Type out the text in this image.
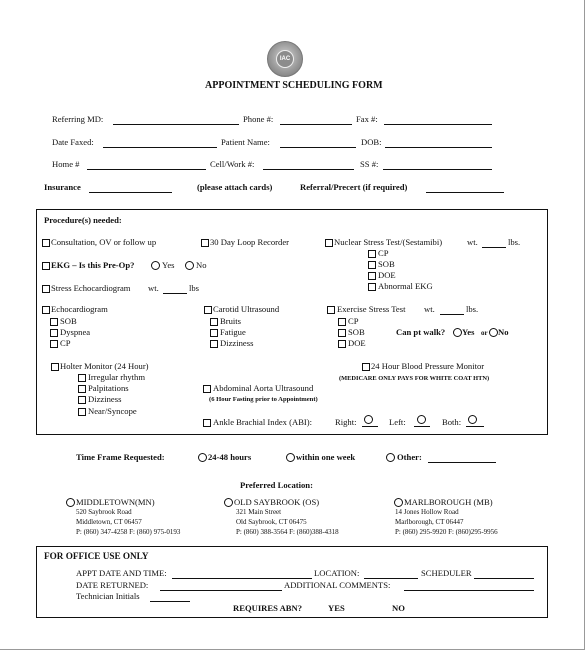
IAC
APPOINTMENT SCHEDULING FORM
Referring MD:	Phone #:	Fax #:
Date Faxed:	Patient Name:	DOB:
Home #	Cell/Work #:	SS #:
Insurance	(please attach cards)	Referral/Precert (if required)
Procedure(s) needed:
Consultation, OV or follow up	30 Day Loop Recorder	Nuclear Stress Test/(Sestamibi)	wt.	lbs.
CP
SOB
DOE
Abnormal EKG
EKG – Is this Pre-Op?	Yes No
Stress Echocardiogram wt.	lbs
Echocardiogram
SOB
Dyspnea
CP
Carotid Ultrasound
Bruits
Fatigue
Dizziness
Exercise Stress Test wt.	lbs.
CP
SOB
DOE
Can pt walk? Yes or No
Holter Monitor (24 Hour)
Irregular rhythm
Palpitations
Dizziness
Near/Syncope
24 Hour Blood Pressure Monitor
(MEDICARE ONLY PAYS FOR WHITE COAT HTN)
Abdominal Aorta Ultrasound
(6 Hour Fasting prior to Appointment)
Ankle Brachial Index (ABI):	Right:	Left:	Both:
Time Frame Requested:	24-48 hours	within one week	Other:
Preferred Location:
MIDDLETOWN(MN)
520 Saybrook Road
Middletown, CT 06457
P: (860) 347-4258 F: (860) 975-0193
OLD SAYBROOK (OS)
321 Main Street
Old Saybrook, CT 06475
P: (860) 388-3564 F: (860)388-4318
MARLBOROUGH (MB)
14 Jones Hollow Road
Marlborough, CT 06447
P: (860) 295-9920 F: (860)295-9956
FOR OFFICE USE ONLY
APPT DATE AND TIME:	LOCATION:	SCHEDULER
DATE RETURNED:	ADDITIONAL COMMENTS:
Technician Initials
REQUIRES ABN?	YES	NO
